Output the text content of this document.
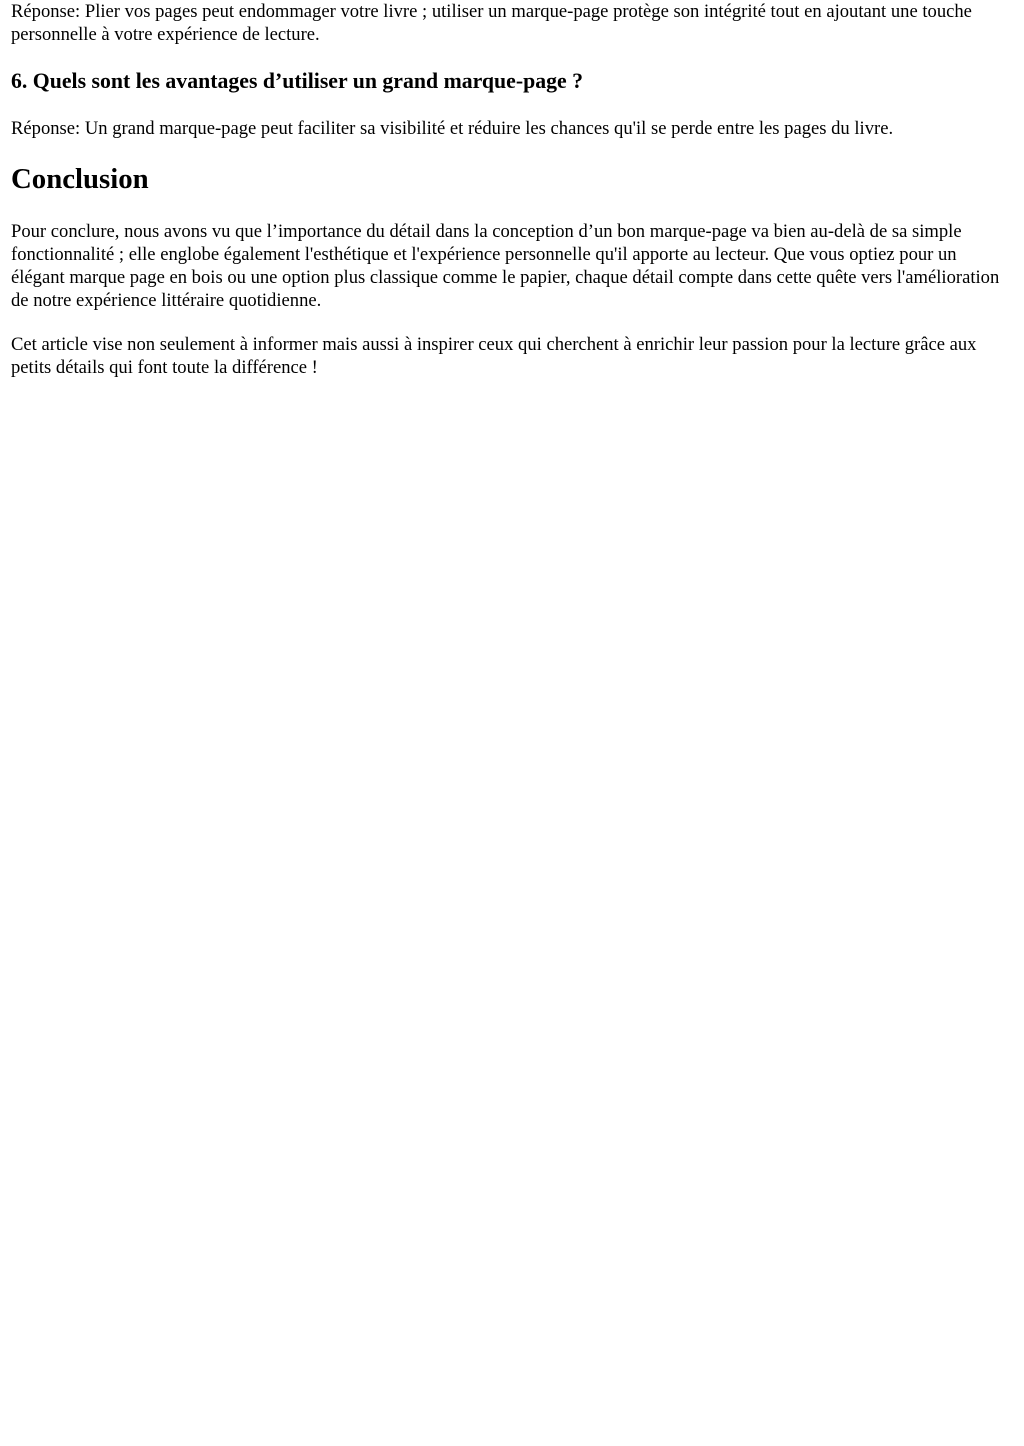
Réponse: Plier vos pages peut endommager votre livre ; utiliser un marque-page protège son intégrité tout en ajoutant une touche personnelle à votre expérience de lecture.

6. Quels sont les avantages d’utiliser un grand marque-page ?

Réponse: Un grand marque-page peut faciliter sa visibilité et réduire les chances qu'il se perde entre les pages du livre.

Conclusion

Pour conclure, nous avons vu que l’importance du détail dans la conception d’un bon marque-page va bien au-delà de sa simple fonctionnalité ; elle englobe également l'esthétique et l'expérience personnelle qu'il apporte au lecteur. Que vous optiez pour un élégant marque page en bois ou une option plus classique comme le papier, chaque détail compte dans cette quête vers l'amélioration de notre expérience littéraire quotidienne.

Cet article vise non seulement à informer mais aussi à inspirer ceux qui cherchent à enrichir leur passion pour la lecture grâce aux petits détails qui font toute la différence !
